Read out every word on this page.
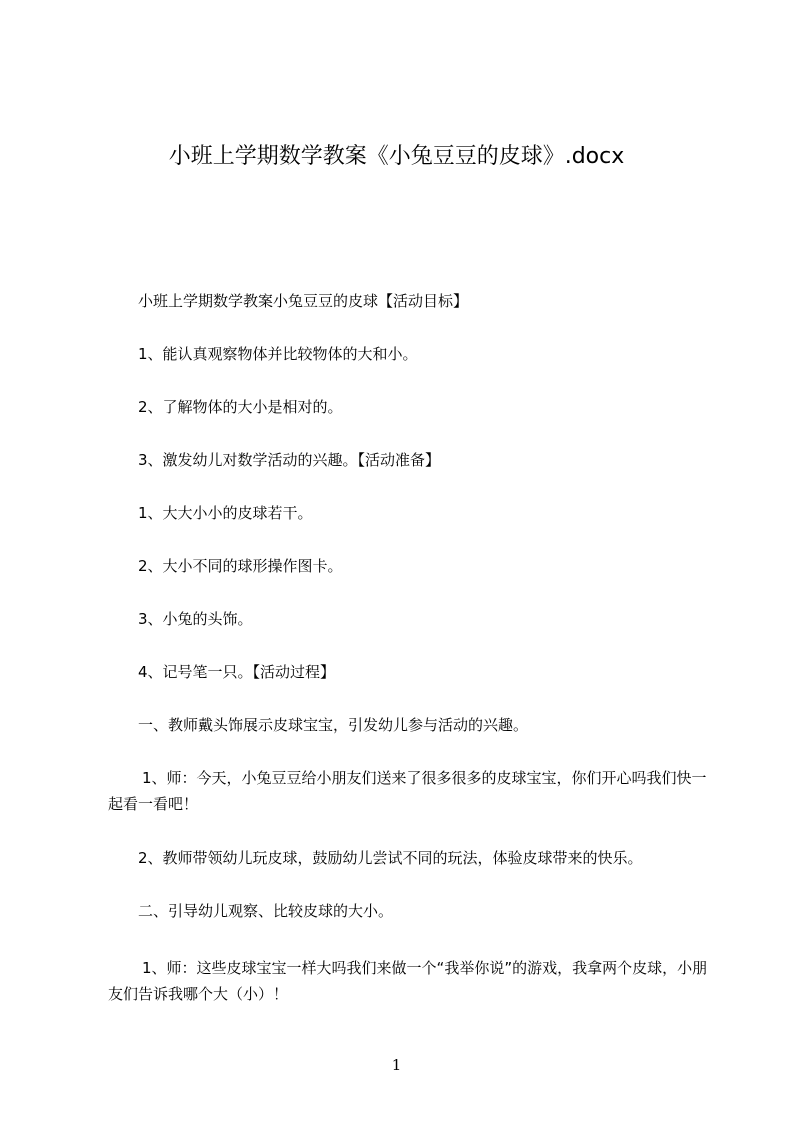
小班上学期数学教案《小兔豆豆的皮球》.docx
小班上学期数学教案小兔豆豆的皮球【活动目标】
1、能认真观察物体并比较物体的大和小。
2、了解物体的大小是相对的。
3、激发幼儿对数学活动的兴趣。【活动准备】
1、大大小小的皮球若干。
2、大小不同的球形操作图卡。
3、小兔的头饰。
4、记号笔一只。【活动过程】
一、教师戴头饰展示皮球宝宝，引发幼儿参与活动的兴趣。
1、师：今天，小兔豆豆给小朋友们送来了很多很多的皮球宝宝，你们开心吗我们快一起看一看吧！
2、教师带领幼儿玩皮球，鼓励幼儿尝试不同的玩法，体验皮球带来的快乐。
二、引导幼儿观察、比较皮球的大小。
1、师：这些皮球宝宝一样大吗我们来做一个“我举你说”的游戏，我拿两个皮球，小朋友们告诉我哪个大（小）！
1
